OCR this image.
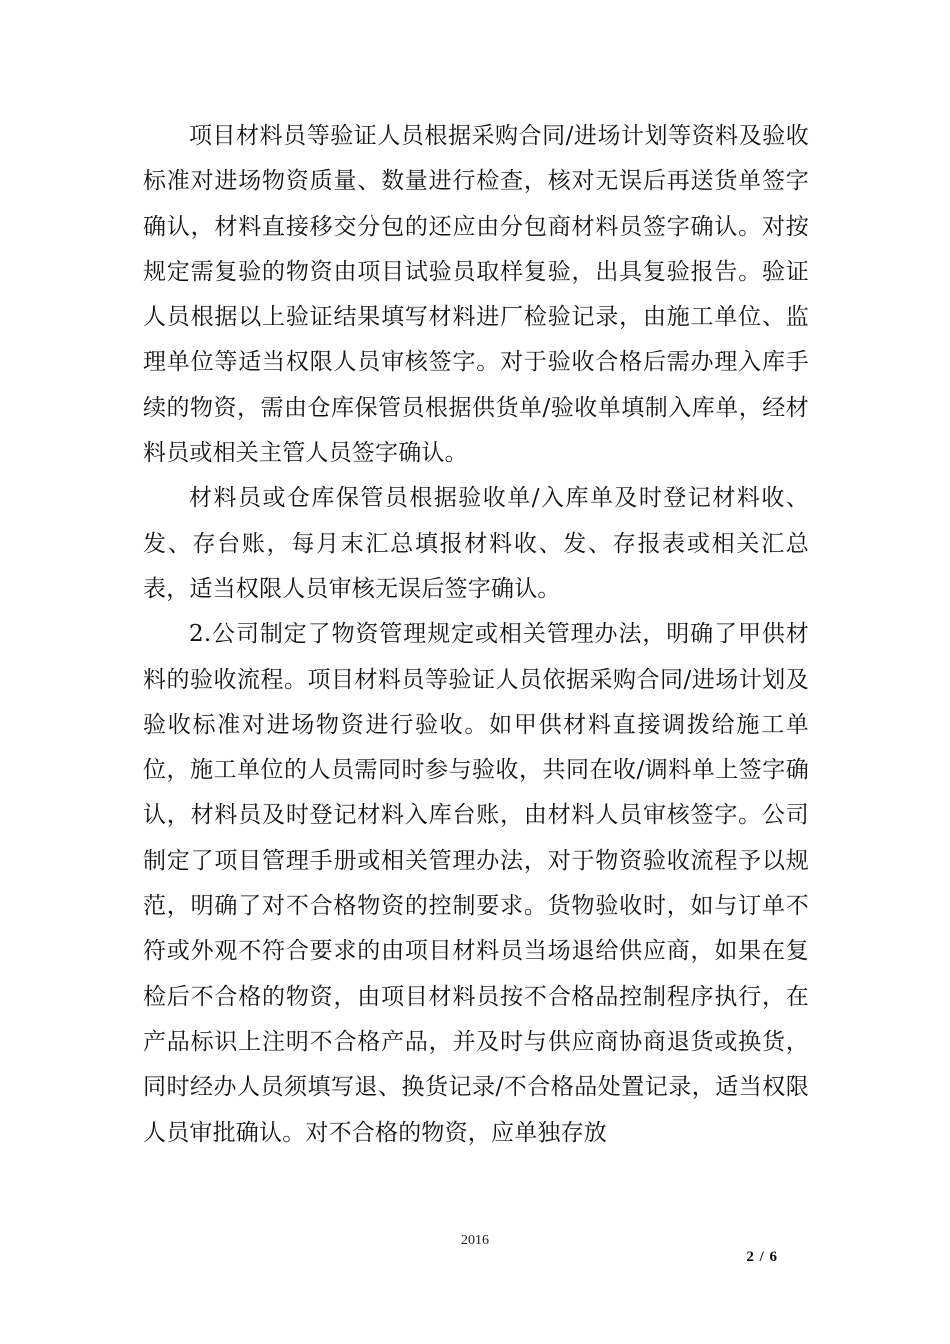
项目材料员等验证人员根据采购合同/进场计划等资料及验收标准对进场物资质量、数量进行检查，核对无误后再送货单签字确认，材料直接移交分包的还应由分包商材料员签字确认。对按规定需复验的物资由项目试验员取样复验，出具复验报告。验证人员根据以上验证结果填写材料进厂检验记录，由施工单位、监理单位等适当权限人员审核签字。对于验收合格后需办理入库手续的物资，需由仓库保管员根据供货单/验收单填制入库单，经材料员或相关主管人员签字确认。

材料员或仓库保管员根据验收单/入库单及时登记材料收、发、存台账，每月末汇总填报材料收、发、存报表或相关汇总表，适当权限人员审核无误后签字确认。

2.公司制定了物资管理规定或相关管理办法，明确了甲供材料的验收流程。项目材料员等验证人员依据采购合同/进场计划及验收标准对进场物资进行验收。如甲供材料直接调拨给施工单位，施工单位的人员需同时参与验收，共同在收/调料单上签字确认，材料员及时登记材料入库台账，由材料人员审核签字。公司制定了项目管理手册或相关管理办法，对于物资验收流程予以规范，明确了对不合格物资的控制要求。货物验收时，如与订单不符或外观不符合要求的由项目材料员当场退给供应商，如果在复检后不合格的物资，由项目材料员按不合格品控制程序执行，在产品标识上注明不合格产品，并及时与供应商协商退货或换货，同时经办人员须填写退、换货记录/不合格品处置记录，适当权限人员审批确认。对不合格的物资，应单独存放

2016
2 / 6
